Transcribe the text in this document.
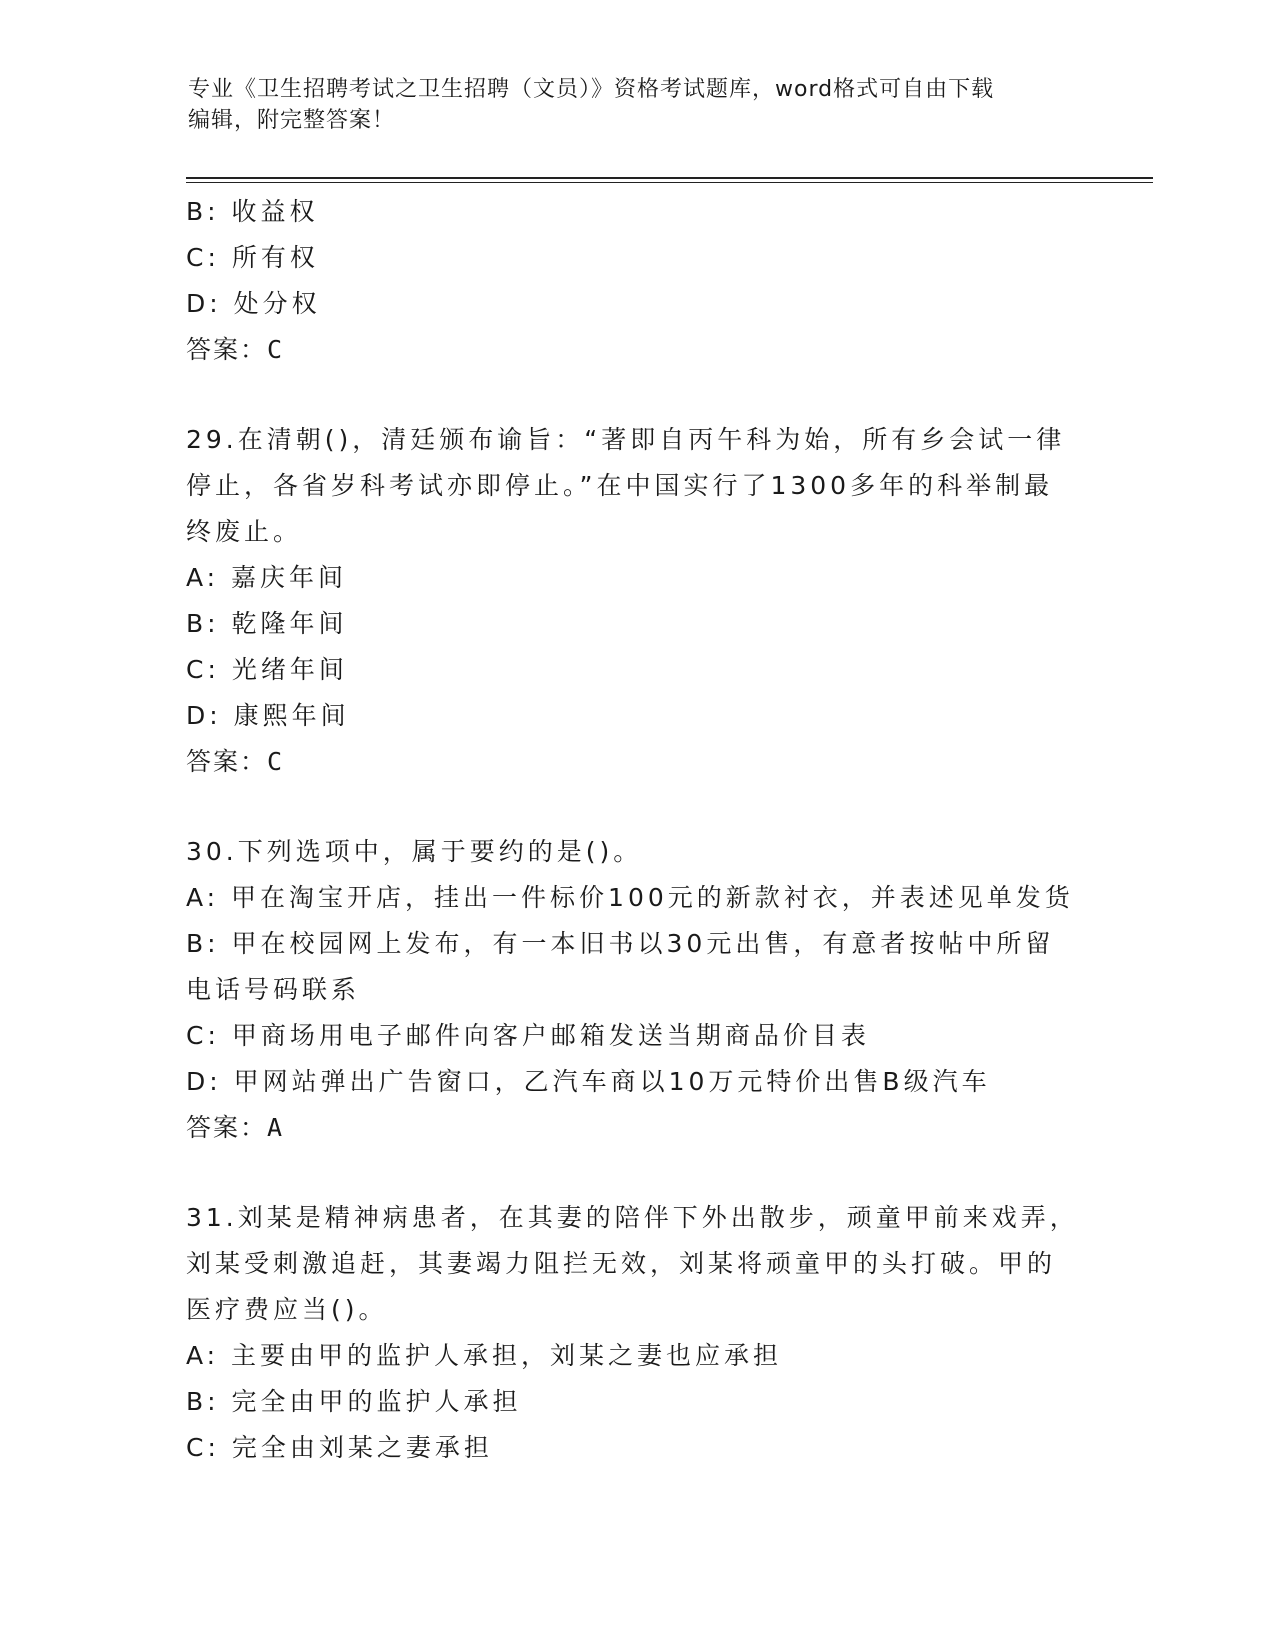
专业《卫生招聘考试之卫生招聘（文员）》资格考试题库，word格式可自由下载
编辑，附完整答案！

B: 收益权

C: 所有权

D: 处分权

答案：C

29.在清朝()，清廷颁布谕旨：“著即自丙午科为始，所有乡会试一律

停止，各省岁科考试亦即停止。”在中国实行了1300多年的科举制最

终废止。

A: 嘉庆年间

B: 乾隆年间

C: 光绪年间

D: 康熙年间

答案：C

30.下列选项中，属于要约的是()。

A: 甲在淘宝开店，挂出一件标价100元的新款衬衣，并表述见单发货

B: 甲在校园网上发布，有一本旧书以30元出售，有意者按帖中所留

电话号码联系

C: 甲商场用电子邮件向客户邮箱发送当期商品价目表

D: 甲网站弹出广告窗口，乙汽车商以10万元特价出售B级汽车

答案：A

31.刘某是精神病患者，在其妻的陪伴下外出散步，顽童甲前来戏弄，

刘某受刺激追赶，其妻竭力阻拦无效，刘某将顽童甲的头打破。甲的

医疗费应当()。

A: 主要由甲的监护人承担，刘某之妻也应承担

B: 完全由甲的监护人承担

C: 完全由刘某之妻承担
